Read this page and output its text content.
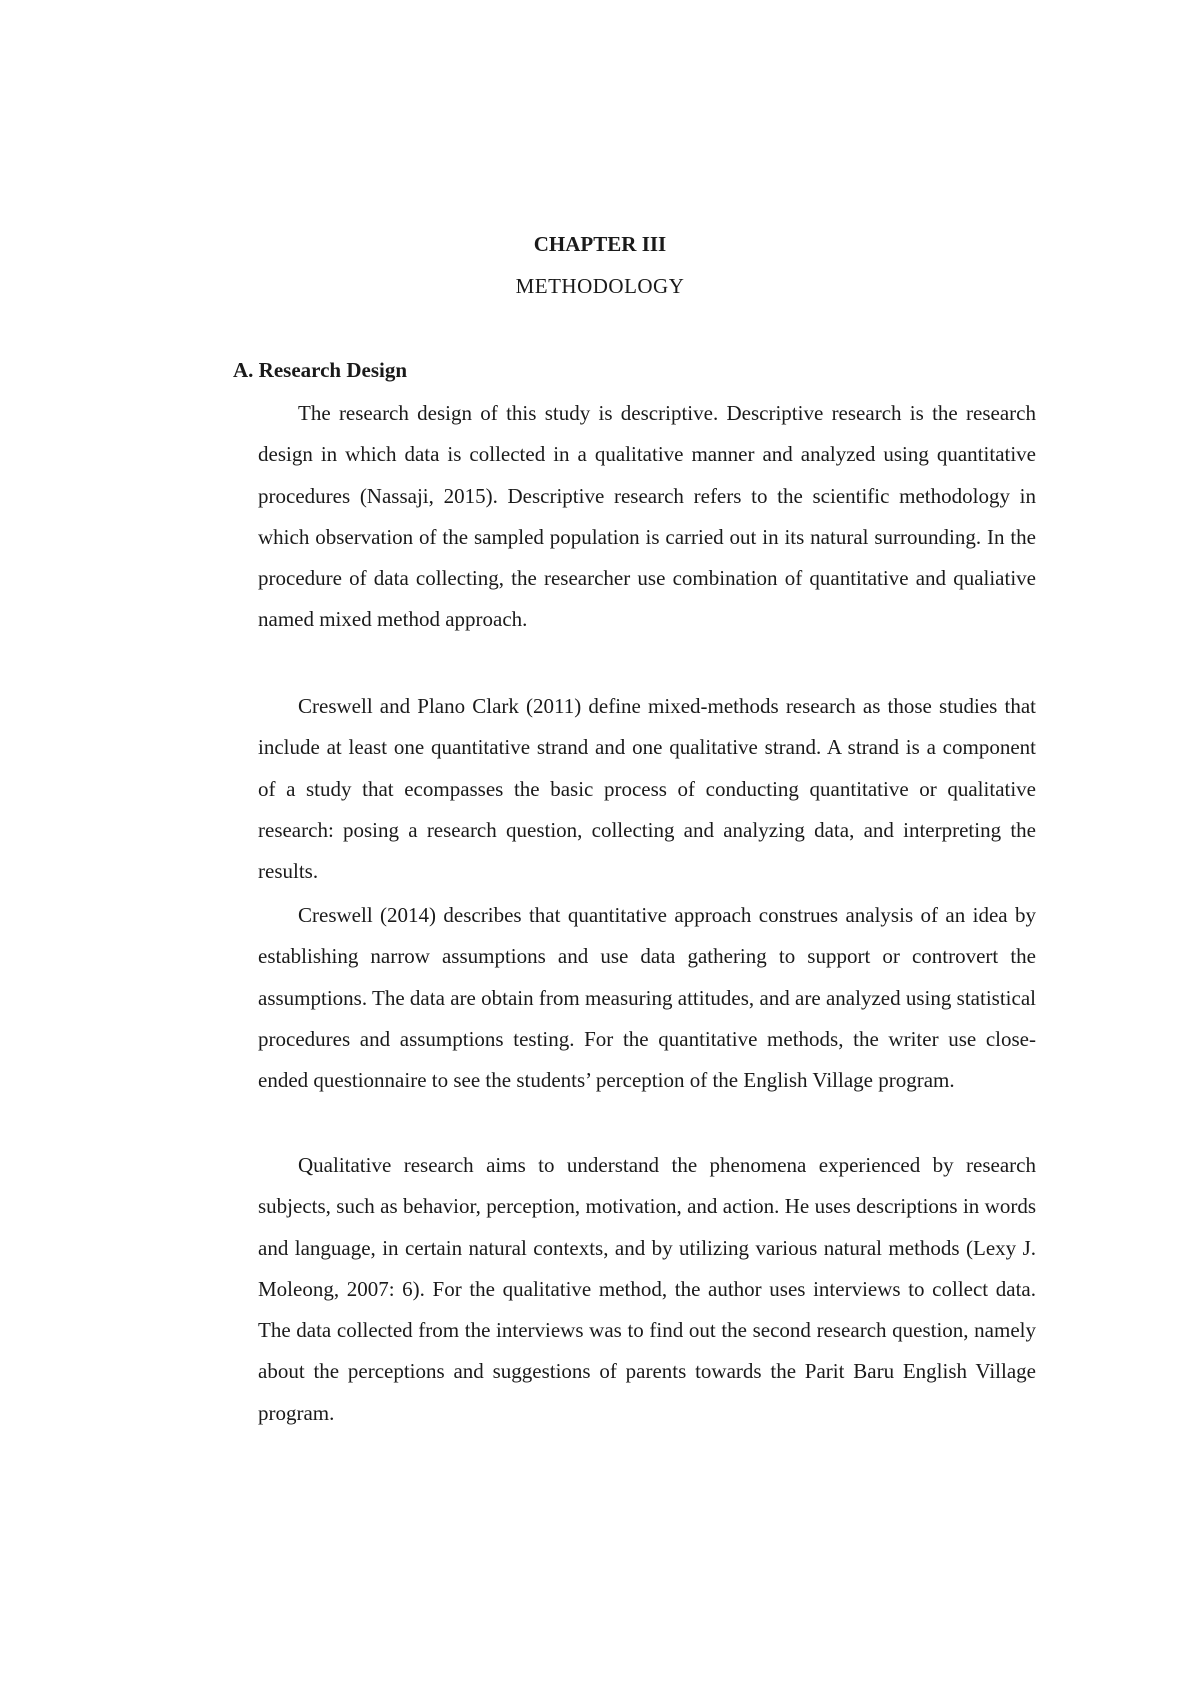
CHAPTER III
METHODOLOGY
A. Research Design

The research design of this study is descriptive. Descriptive research is the research design in which data is collected in a qualitative manner and analyzed using quantitative procedures (Nassaji, 2015). Descriptive research refers to the scientific methodology in which observation of the sampled population is carried out in its natural surrounding. In the procedure of data collecting, the researcher use combination of quantitative and qualiative named mixed method approach.

Creswell and Plano Clark (2011) define mixed-methods research as those studies that include at least one quantitative strand and one qualitative strand. A strand is a component of a study that ecompasses the basic process of conducting quantitative or qualitative research: posing a research question, collecting and analyzing data, and interpreting the results.

Creswell (2014) describes that quantitative approach construes analysis of an idea by establishing narrow assumptions and use data gathering to support or controvert the assumptions. The data are obtain from measuring attitudes, and are analyzed using statistical procedures and assumptions testing. For the quantitative methods, the writer use close-ended questionnaire to see the students’ perception of the English Village program.

Qualitative research aims to understand the phenomena experienced by research subjects, such as behavior, perception, motivation, and action. He uses descriptions in words and language, in certain natural contexts, and by utilizing various natural methods (Lexy J. Moleong, 2007: 6). For the qualitative method, the author uses interviews to collect data. The data collected from the interviews was to find out the second research question, namely about the perceptions and suggestions of parents towards the Parit Baru English Village program.
